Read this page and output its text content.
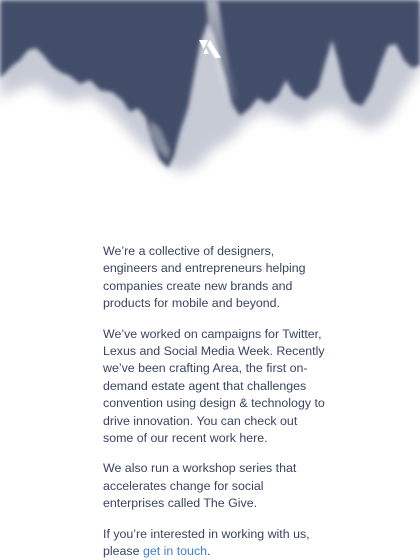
We’re a collective of designers, engineers and entrepreneurs helping companies create new brands and products for mobile and beyond.

We’ve worked on campaigns for Twitter, Lexus and Social Media Week. Recently we’ve been crafting Area, the first on-demand estate agent that challenges convention using design & technology to drive innovation. You can check out some of our recent work here.

We also run a workshop series that accelerates change for social enterprises called The Give.

If you’re interested in working with us, please get in touch.
